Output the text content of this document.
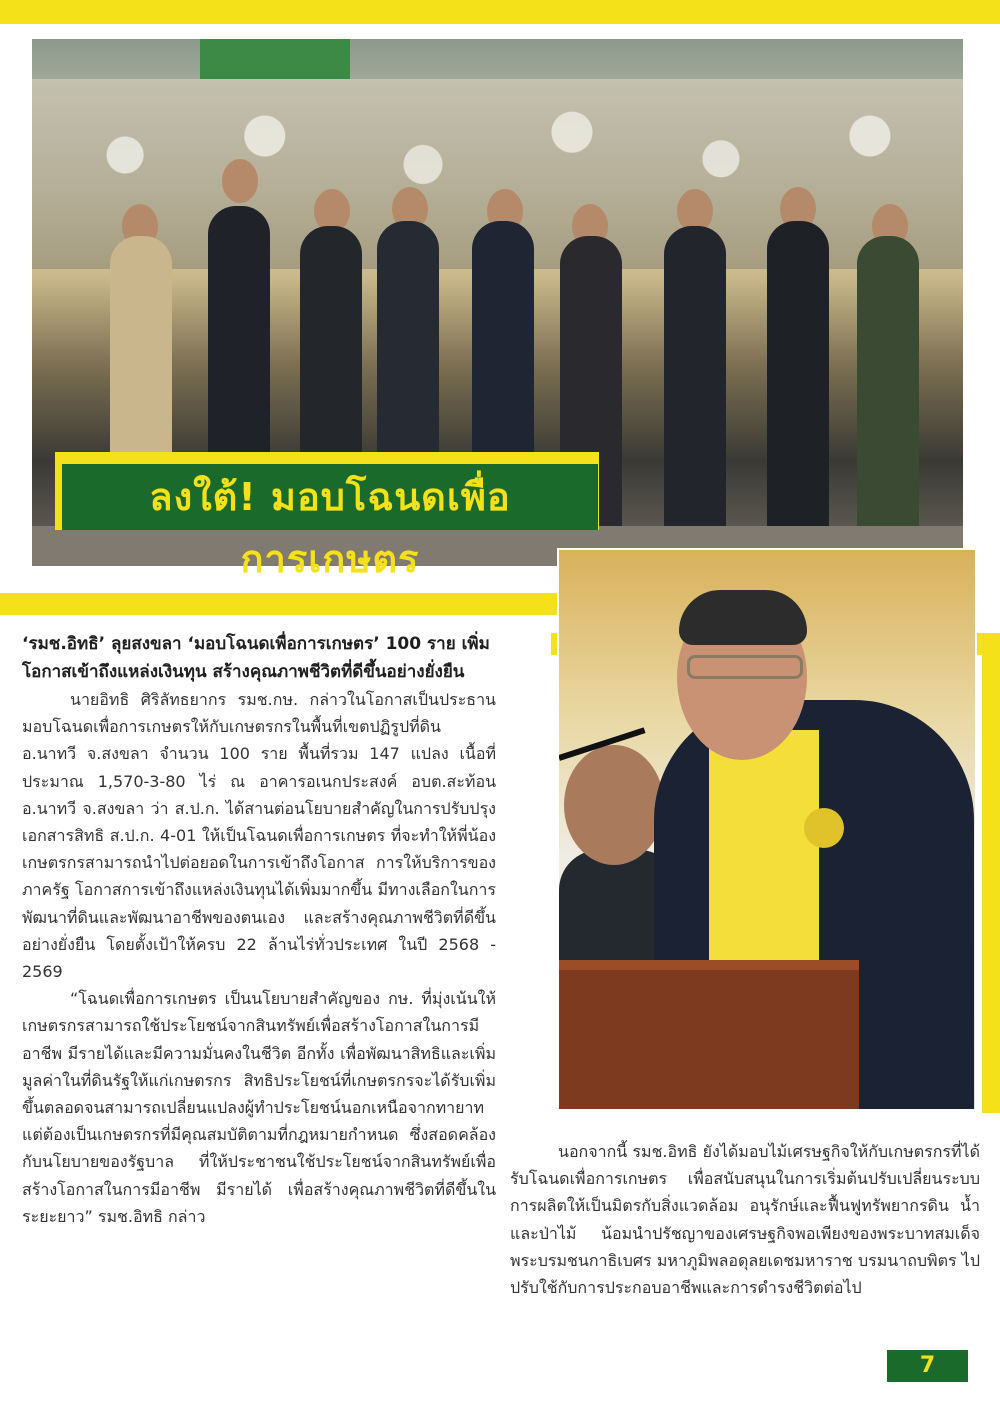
ลงใต้! มอบโฉนดเพื่อการเกษตร

‘รมช.อิทธิ’ ลุยสงขลา ‘มอบโฉนดเพื่อการเกษตร’ 100 ราย เพิ่มโอกาสเข้าถึงแหล่งเงินทุน สร้างคุณภาพชีวิตที่ดีขึ้นอย่างยั่งยืน

นายอิทธิ ศิริลัทธยากร รมช.กษ. กล่าวในโอกาสเป็นประธานมอบโฉนดเพื่อการเกษตรให้กับเกษตรกรในพื้นที่เขตปฏิรูปที่ดิน อ.นาทวี จ.สงขลา จำนวน 100 ราย พื้นที่รวม 147 แปลง เนื้อที่ประมาณ 1,570-3-80 ไร่ ณ อาคารอเนกประสงค์ อบต.สะท้อน อ.นาทวี จ.สงขลา ว่า ส.ป.ก. ได้สานต่อนโยบายสำคัญในการปรับปรุงเอกสารสิทธิ ส.ป.ก. 4-01 ให้เป็นโฉนดเพื่อการเกษตร ที่จะทำให้พี่น้องเกษตรกรสามารถนำไปต่อยอดในการเข้าถึงโอกาส การให้บริการของภาครัฐ โอกาสการเข้าถึงแหล่งเงินทุนได้เพิ่มมากขึ้น มีทางเลือกในการพัฒนาที่ดินและพัฒนาอาชีพของตนเอง และสร้างคุณภาพชีวิตที่ดีขึ้นอย่างยั่งยืน โดยตั้งเป้าให้ครบ 22 ล้านไร่ทั่วประเทศ ในปี 2568 - 2569

“โฉนดเพื่อการเกษตร เป็นนโยบายสำคัญของ กษ. ที่มุ่งเน้นให้เกษตรกรสามารถใช้ประโยชน์จากสินทรัพย์เพื่อสร้างโอกาสในการมีอาชีพ มีรายได้และมีความมั่นคงในชีวิต อีกทั้ง เพื่อพัฒนาสิทธิและเพิ่มมูลค่าในที่ดินรัฐให้แก่เกษตรกร สิทธิประโยชน์ที่เกษตรกรจะได้รับเพิ่มขึ้นตลอดจนสามารถเปลี่ยนแปลงผู้ทำประโยชน์นอกเหนือจากทายาท แต่ต้องเป็นเกษตรกรที่มีคุณสมบัติตามที่กฎหมายกำหนด ซึ่งสอดคล้องกับนโยบายของรัฐบาล ที่ให้ประชาชนใช้ประโยชน์จากสินทรัพย์เพื่อสร้างโอกาสในการมีอาชีพ มีรายได้ เพื่อสร้างคุณภาพชีวิตที่ดีขึ้นในระยะยาว” รมช.อิทธิ กล่าว

นอกจากนี้ รมช.อิทธิ ยังได้มอบไม้เศรษฐกิจให้กับเกษตรกรที่ได้รับโฉนดเพื่อการเกษตร เพื่อสนับสนุนในการเริ่มต้นปรับเปลี่ยนระบบการผลิตให้เป็นมิตรกับสิ่งแวดล้อม อนุรักษ์และฟื้นฟูทรัพยากรดิน น้ำ และป่าไม้ น้อมนำปรัชญาของเศรษฐกิจพอเพียงของพระบาทสมเด็จพระบรมชนกาธิเบศร มหาภูมิพลอดุลยเดชมหาราช บรมนาถบพิตร ไปปรับใช้กับการประกอบอาชีพและการดำรงชีวิตต่อไป

7
